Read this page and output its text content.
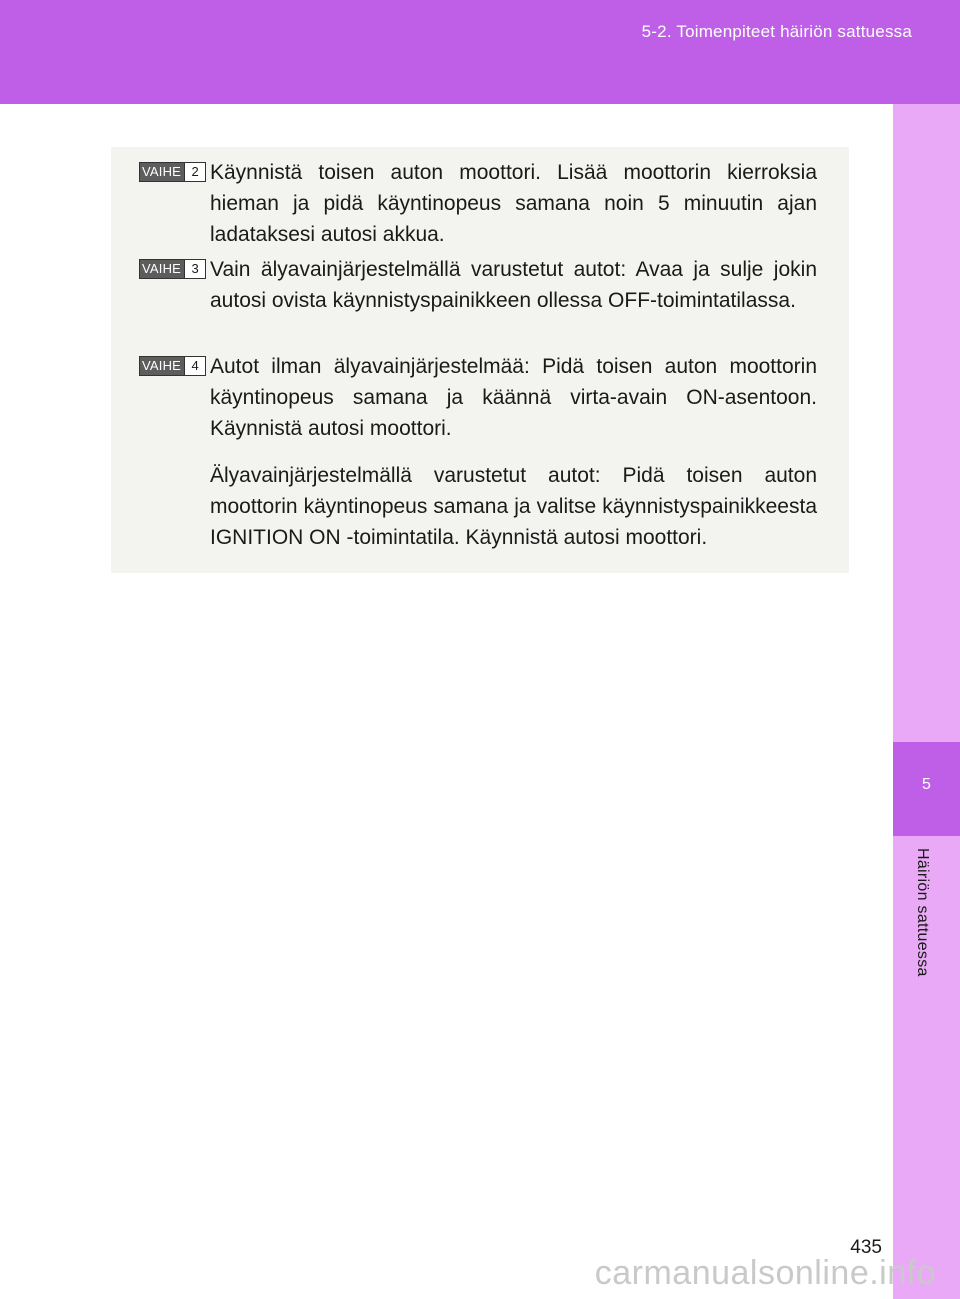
5-2. Toimenpiteet häiriön sattuessa
5
Häiriön sattuessa
VAIHE 2 Käynnistä toisen auton moottori. Lisää moottorin kierroksia hieman ja pidä käyntinopeus samana noin 5 minuutin ajan ladataksesi autosi akkua.
VAIHE 3 Vain älyavainjärjestelmällä varustetut autot: Avaa ja sulje jokin autosi ovista käynnistyspainikkeen ollessa OFF-toimintatilassa.
VAIHE 4 Autot ilman älyavainjärjestelmää: Pidä toisen auton moottorin käyntinopeus samana ja käännä virta-avain ON-asentoon. Käynnistä autosi moottori.
Älyavainjärjestelmällä varustetut autot: Pidä toisen auton moottorin käyntinopeus samana ja valitse käynnistyspainikkeesta IGNITION ON -toimintatila. Käynnistä autosi moottori.
435
carmanualsonline.info
